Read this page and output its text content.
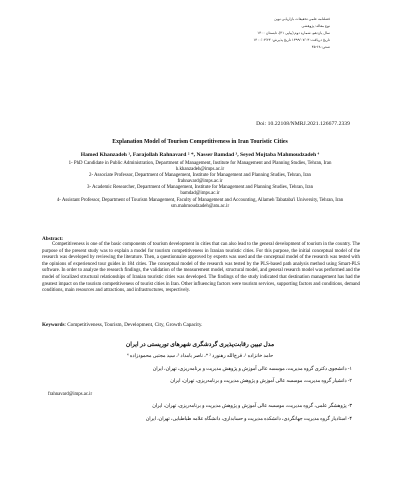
فصلنامه علمی تحقیقات بازاریابی نوین
نوع مقاله: پژوهشی
سال یازدهم، شماره دوم (پیاپی ۴۱)، تابستان ۱۴۰۰
تاریخ دریافت: ۱۳۹۹/۰۷/۰۳ تاریخ پذیرش: ۱۴۰۰/۰۳/۲۴
صص: ۶۸-۴۵
Doi: 10.22108/NMRJ.2021.126677.2339
Explanation Model of Tourism Competitiveness in Iran Touristic Cities
Hamed Khanzadeh ¹, Farajollah Rahnavard ² *, Nasser Bamdad ³, Seyed Mojtaba Mahmoudzadeh ⁴

1- PhD Candidate in Public Administration, Department of Management, Institute for Management and Planning Studies, Tehran, Iran

h.khanzadeh@imps.ac.ir

2- Associate Professor, Department of Management, Institute for Management and Planning Studies, Tehran, Iran

frahnavard@imps.ac.ir

3- Academic Researcher, Department of Management, Institute for Management and Planning Studies, Tehran, Iran

bamdad@imps.ac.ir

4- Assistant Professor, Department of Tourism Management, Faculty of Management and Accounting, Allameh Tabataba'i University, Tehran, Iran

sm.mahmoudzadeh@atu.ac.ir

Abstract:

Competitiveness is one of the basic components of tourism development in cities that can also lead to the general development of tourism in the country. The purpose of the present study was to explain a model for tourism competitiveness in Iranian touristic cities. For this purpose, the initial conceptual model of the research was developed by reviewing the literature. Then, a questionnaire approved by experts was used and the conceptual model of the research was tested with the opinions of experienced tour guides in 184 cities. The conceptual model of the research was tested by the PLS-based path analysis method using Smart-PLS software. In order to analyze the research findings, the validation of the measurement model, structural model, and general research model was performed and the model of localized structural relationships of Iranian touristic cities was developed. The findings of the study indicated that destination management has had the greatest impact on the tourism competitiveness of tourist cities in Iran. Other influencing factors were tourism services, supporting factors and conditions, demand conditions, main resources and attractions, and infrastructures, respectively.

Keywords: Competitiveness, Tourism, Development, City, Growth Capacity.
مدل تبیین رقابت‌پذیری گردشگری شهرهای توریستی در ایران
حامد خانزاده ¹، فرج‌الله رهنورد ² *، ناصر بامداد ³، سید مجتبی محمودزاده ⁴
۱- دانشجوی دکتری گروه مدیریت، موسسه عالی آموزش و پژوهش مدیریت و برنامه‌ریزی، تهران، ایران
۲- دانشیار گروه مدیریت، موسسه عالی آموزش و پژوهش مدیریت و برنامه‌ریزی، تهران، ایران
frahnavard@imps.ac.ir
۳- پژوهشگر علمی، گروه مدیریت، موسسه عالی آموزش و پژوهش مدیریت و برنامه‌ریزی، تهران، ایران
۴- استادیار گروه مدیریت جهانگردی، دانشکده مدیریت و حسابداری، دانشگاه علامه طباطبایی، تهران، ایران
